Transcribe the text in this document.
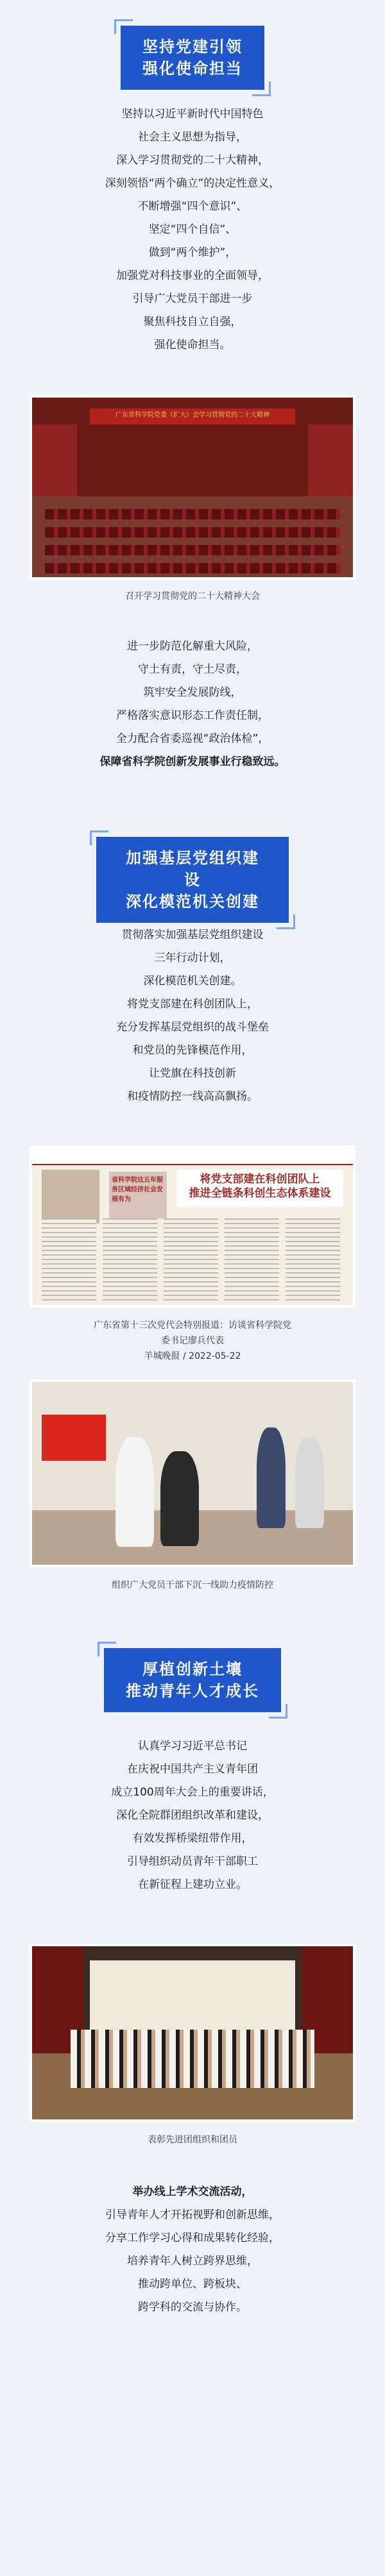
坚持党建引领
强化使命担当
坚持以习近平新时代中国特色
社会主义思想为指导，
深入学习贯彻党的二十大精神，
深刻领悟“两个确立”的决定性意义，
不断增强“四个意识”、
坚定“四个自信”、
做到“两个维护”，
加强党对科技事业的全面领导，
引导广大党员干部进一步
聚焦科技自立自强，
强化使命担当。
广东省科学院党委（扩大）会学习贯彻党的二十大精神
召开学习贯彻党的二十大精神大会
进一步防范化解重大风险，
守土有责，守土尽责，
筑牢安全发展防线，
严格落实意识形态工作责任制，
全力配合省委巡视“政治体检”，
保障省科学院创新发展事业行稳致远。
加强基层党组织建设
深化模范机关创建
贯彻落实加强基层党组织建设
三年行动计划，
深化模范机关创建。
将党支部建在科创团队上，
充分发挥基层党组织的战斗堡垒
和党员的先锋模范作用，
让党旗在科技创新
和疫情防控一线高高飘扬。
省科学院这五年服务区域经济社会发展有为
将党支部建在科创团队上
推进全链条科创生态体系建设
广东省第十三次党代会特别报道：访谈省科学院党
委书记廖兵代表
羊城晚报 / 2022-05-22
组织广大党员干部下沉一线助力疫情防控
厚植创新土壤
推动青年人才成长
认真学习习近平总书记
在庆祝中国共产主义青年团
成立100周年大会上的重要讲话，
深化全院群团组织改革和建设，
有效发挥桥梁纽带作用，
引导组织动员青年干部职工
在新征程上建功立业。
表彰先进团组织和团员
举办线上学术交流活动，
引导青年人才开拓视野和创新思维，
分享工作学习心得和成果转化经验，
培养青年人树立跨界思维，
推动跨单位、跨板块、
跨学科的交流与协作。
